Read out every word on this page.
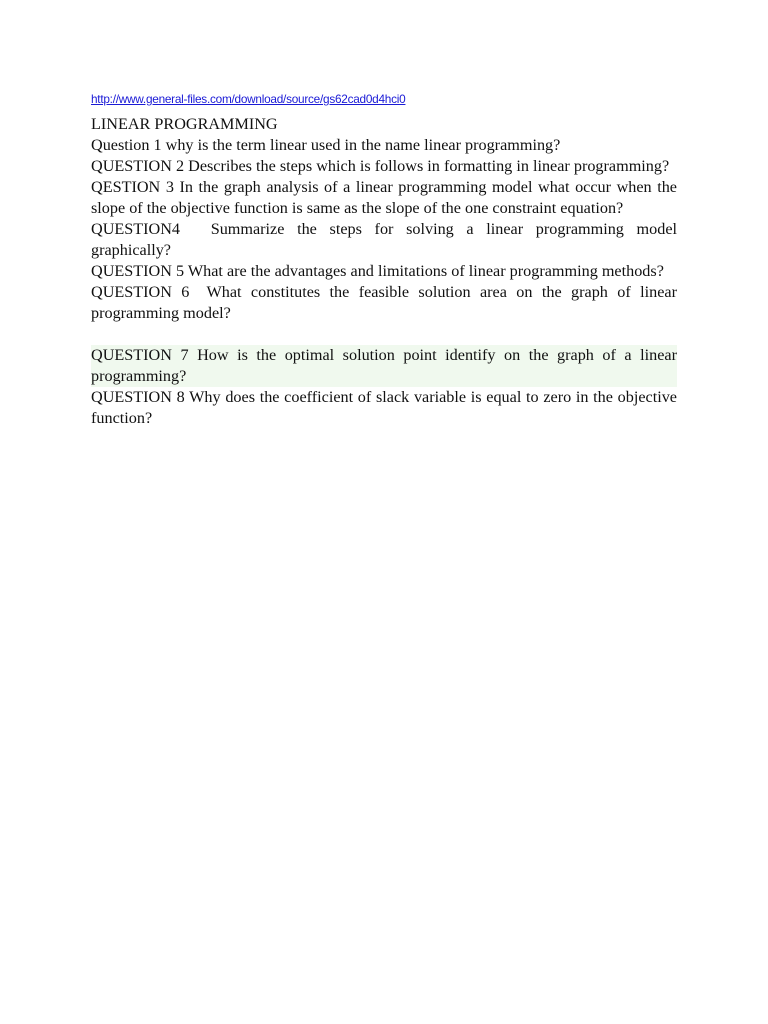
http://www.general-files.com/download/source/gs62cad0d4hci0
LINEAR PROGRAMMING

Question 1 why is the term linear used in the name linear programming?

QUESTION 2 Describes the steps which is follows in formatting in linear programming?

QESTION 3 In the graph analysis of a linear programming model what occur when the slope of the objective function is same as the slope of the one constraint equation?

QUESTION4 Summarize the steps for solving a linear programming model graphically?

QUESTION 5 What are the advantages and limitations of linear programming methods?

QUESTION 6 What constitutes the feasible solution area on the graph of linear programming model?

QUESTION 7 How is the optimal solution point identify on the graph of a linear programming?

QUESTION 8 Why does the coefficient of slack variable is equal to zero in the objective function?
